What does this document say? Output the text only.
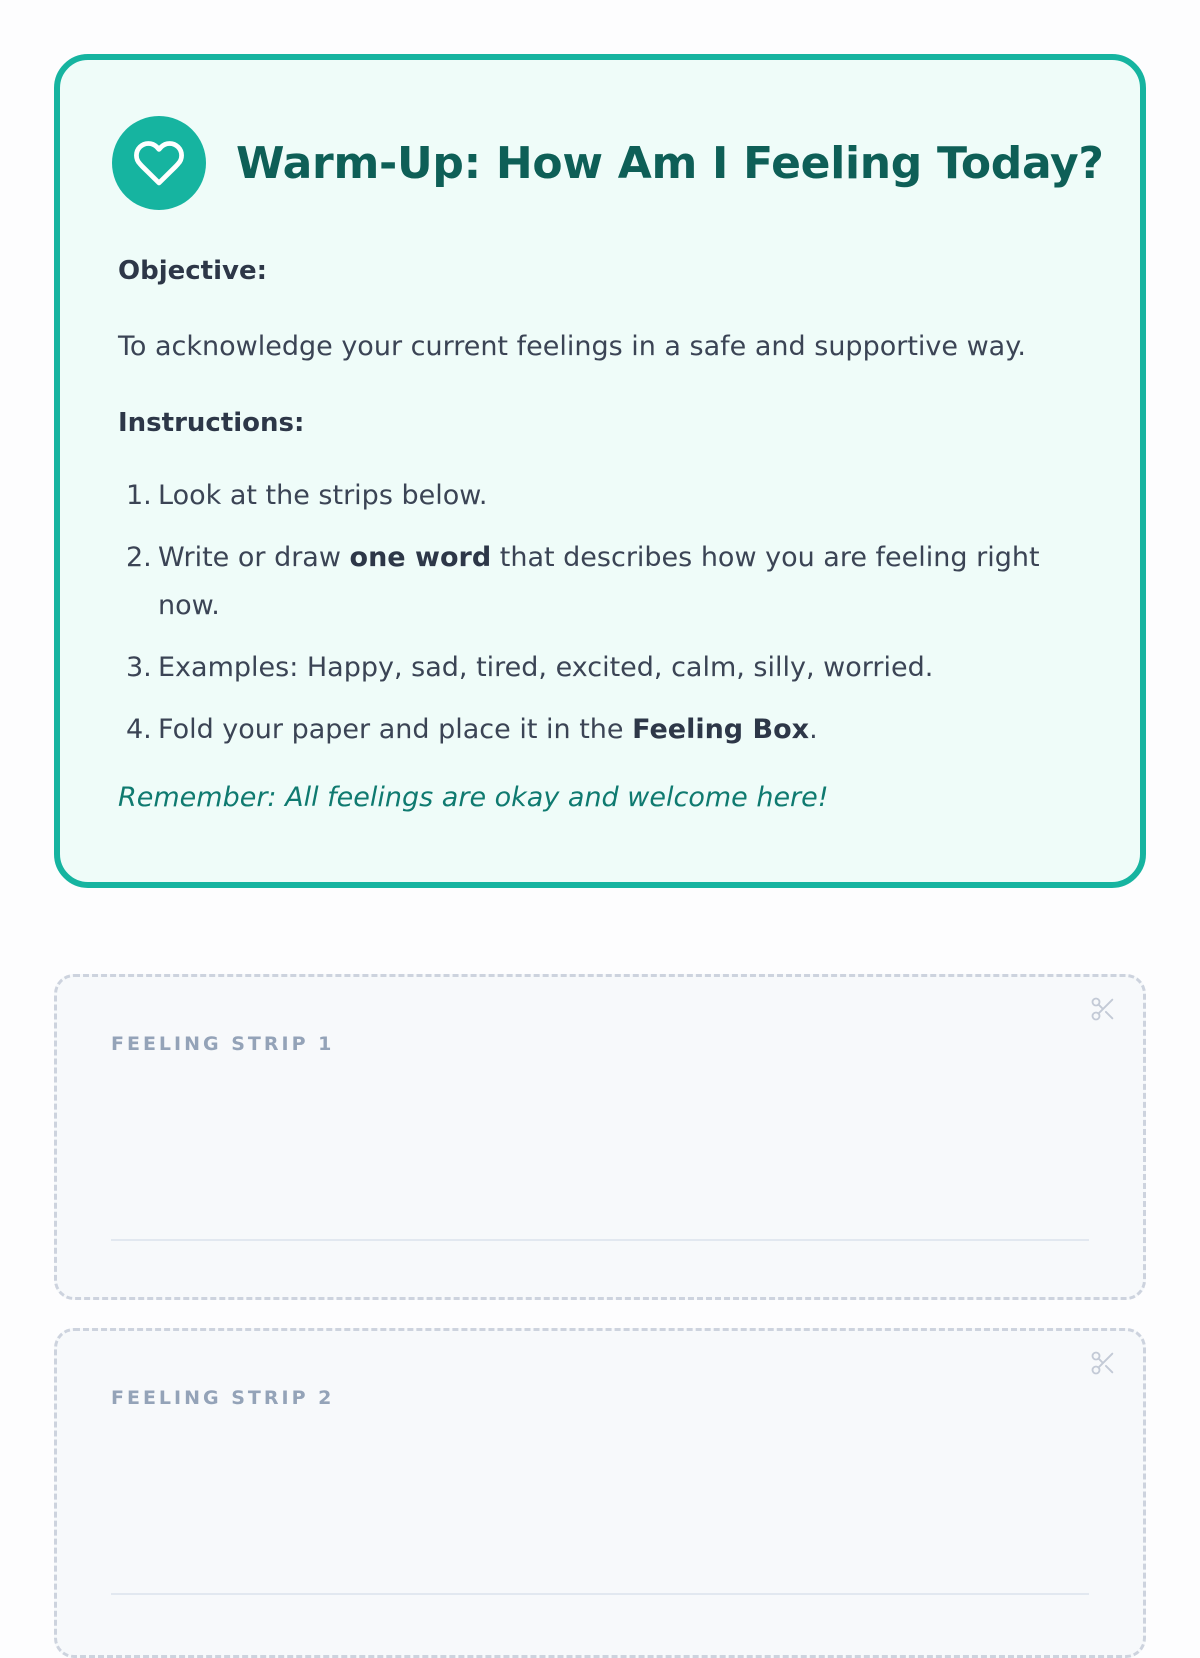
Warm-Up: How Am I Feeling Today?
Objective:
To acknowledge your current feelings in a safe and supportive way.
Instructions:
1. Look at the strips below.
2. Write or draw one word that describes how you are feeling right now.
3. Examples: Happy, sad, tired, excited, calm, silly, worried.
4. Fold your paper and place it in the Feeling Box.
Remember: All feelings are okay and welcome here!
FEELING STRIP 1
FEELING STRIP 2
